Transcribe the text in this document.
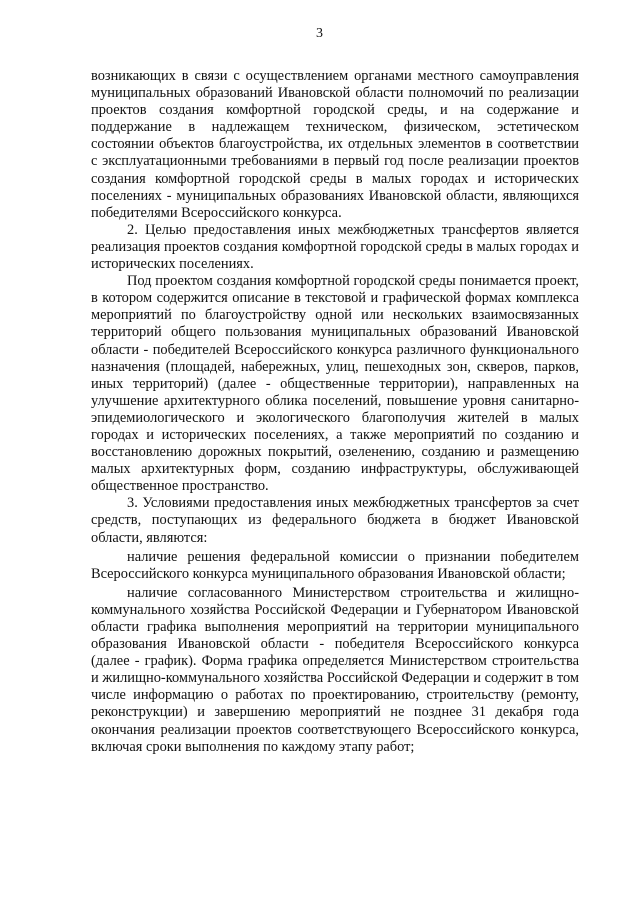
3

возникающих в связи с осуществлением органами местного самоуправления муниципальных образований Ивановской области полномочий по реализации проектов создания комфортной городской среды, и на содержание и поддержание в надлежащем техническом, физическом, эстетическом состоянии объектов благоустройства, их отдельных элементов в соответствии с эксплуатационными требованиями в первый год после реализации проектов создания комфортной городской среды в малых городах и исторических поселениях - муниципальных образованиях Ивановской области, являющихся победителями Всероссийского конкурса.

2. Целью предоставления иных межбюджетных трансфертов является реализация проектов создания комфортной городской среды в малых городах и исторических поселениях.

Под проектом создания комфортной городской среды понимается проект, в котором содержится описание в текстовой и графической формах комплекса мероприятий по благоустройству одной или нескольких взаимосвязанных территорий общего пользования муниципальных образований Ивановской области - победителей Всероссийского конкурса различного функционального назначения (площадей, набережных, улиц, пешеходных зон, скверов, парков, иных территорий) (далее - общественные территории), направленных на улучшение архитектурного облика поселений, повышение уровня санитарно-эпидемиологического и экологического благополучия жителей в малых городах и исторических поселениях, а также мероприятий по созданию и восстановлению дорожных покрытий, озеленению, созданию и размещению малых архитектурных форм, созданию инфраструктуры, обслуживающей общественное пространство.

3. Условиями предоставления иных межбюджетных трансфертов за счет средств, поступающих из федерального бюджета в бюджет Ивановской области, являются:

наличие решения федеральной комиссии о признании победителем Всероссийского конкурса муниципального образования Ивановской области;

наличие согласованного Министерством строительства и жилищно-коммунального хозяйства Российской Федерации и Губернатором Ивановской области графика выполнения мероприятий на территории муниципального образования Ивановской области - победителя Всероссийского конкурса (далее - график). Форма графика определяется Министерством строительства и жилищно-коммунального хозяйства Российской Федерации и содержит в том числе информацию о работах по проектированию, строительству (ремонту, реконструкции) и завершению мероприятий не позднее 31 декабря года окончания реализации проектов соответствующего Всероссийского конкурса, включая сроки выполнения по каждому этапу работ;
